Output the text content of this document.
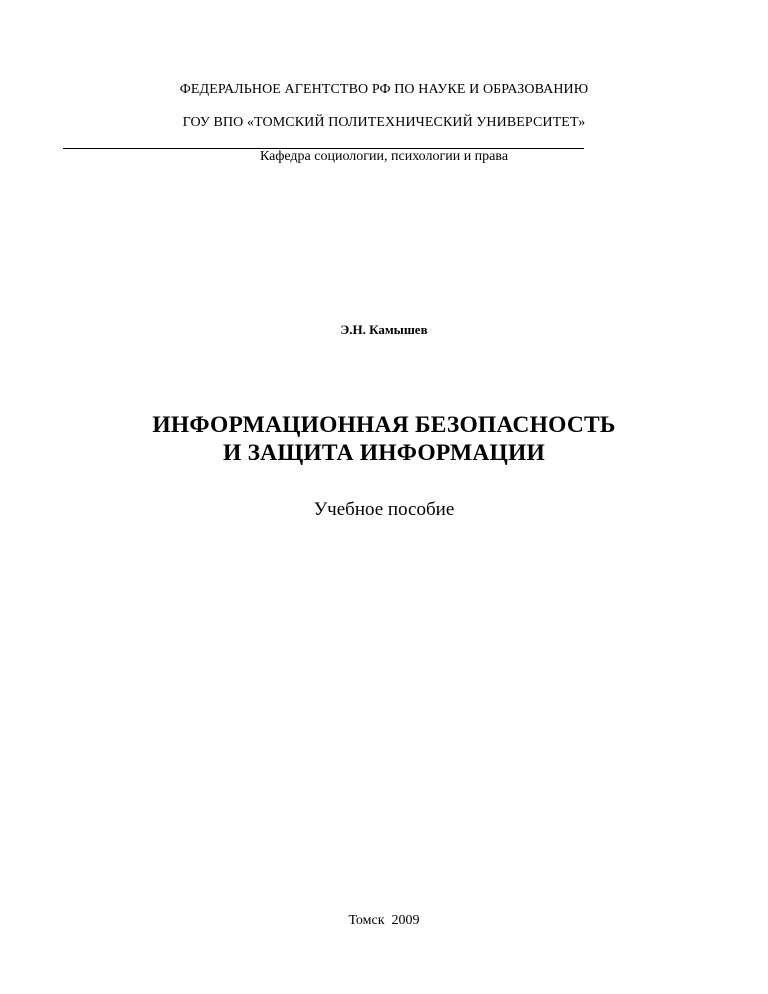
ФЕДЕРАЛЬНОЕ АГЕНТСТВО РФ ПО НАУКЕ И ОБРАЗОВАНИЮ
ГОУ ВПО «ТОМСКИЙ ПОЛИТЕХНИЧЕСКИЙ УНИВЕРСИТЕТ»
Кафедра социологии, психологии и права
Э.Н. Камышев
ИНФОРМАЦИОННАЯ БЕЗОПАСНОСТЬ
И ЗАЩИТА ИНФОРМАЦИИ
Учебное пособие
Томск  2009
